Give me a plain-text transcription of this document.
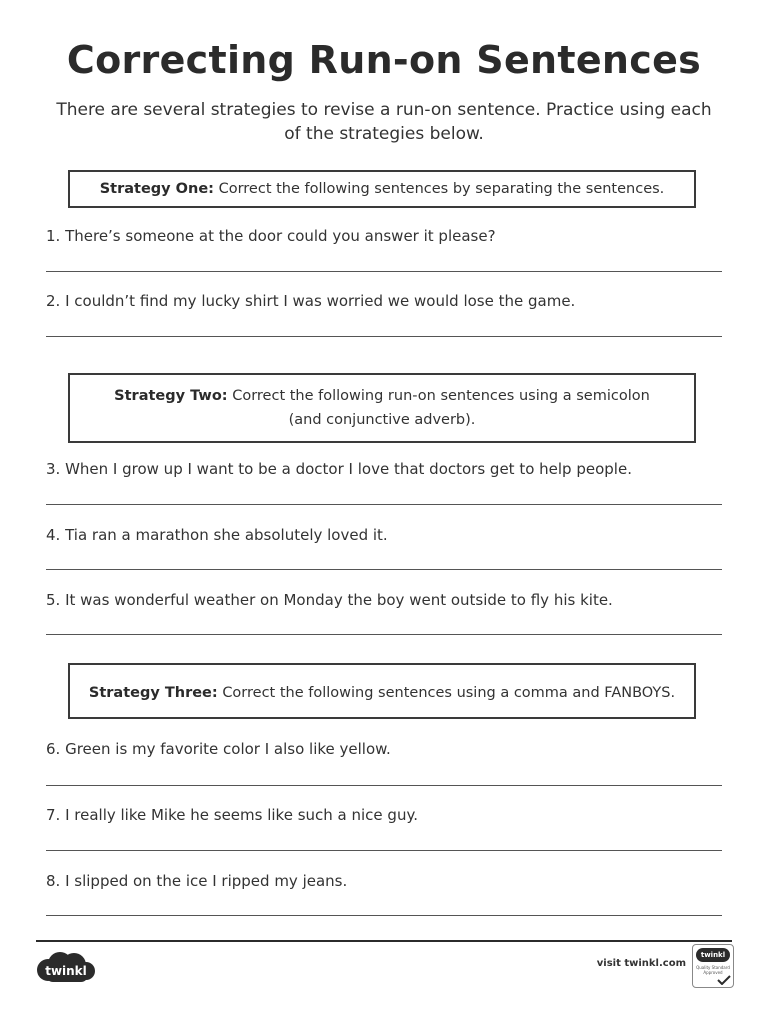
Correcting Run-on Sentences
There are several strategies to revise a run-on sentence. Practice using each of the strategies below.
Strategy One: Correct the following sentences by separating the sentences.
1. There’s someone at the door could you answer it please?
2. I couldn’t find my lucky shirt I was worried we would lose the game.
Strategy Two: Correct the following run-on sentences using a semicolon
(and conjunctive adverb).
3. When I grow up I want to be a doctor I love that doctors get to help people.
4. Tia ran a marathon she absolutely loved it.
5. It was wonderful weather on Monday the boy went outside to fly his kite.
Strategy Three: Correct the following sentences using a comma and FANBOYS.
6. Green is my favorite color I also like yellow.
7. I really like Mike he seems like such a nice guy.
8. I slipped on the ice I ripped my jeans.
twinkl
visit twinkl.com
twinkl
Quality Standard Approved
